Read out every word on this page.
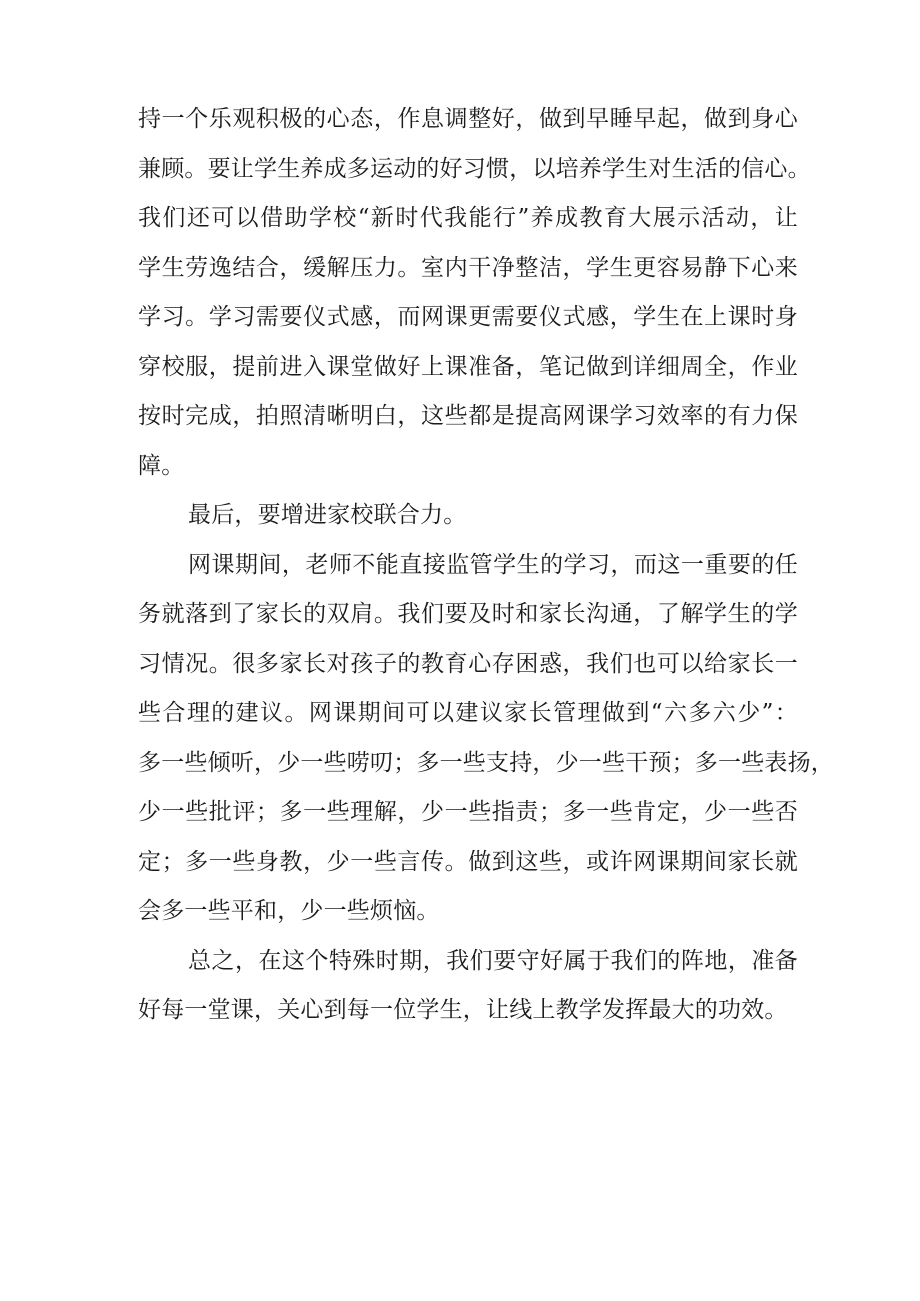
持一个乐观积极的心态，作息调整好，做到早睡早起，做到身心
兼顾。要让学生养成多运动的好习惯，以培养学生对生活的信心。
我们还可以借助学校“新时代我能行”养成教育大展示活动，让
学生劳逸结合，缓解压力。室内干净整洁，学生更容易静下心来
学习。学习需要仪式感，而网课更需要仪式感，学生在上课时身
穿校服，提前进入课堂做好上课准备，笔记做到详细周全，作业
按时完成，拍照清晰明白，这些都是提高网课学习效率的有力保
障。
最后，要增进家校联合力。
网课期间，老师不能直接监管学生的学习，而这一重要的任
务就落到了家长的双肩。我们要及时和家长沟通，了解学生的学
习情况。很多家长对孩子的教育心存困惑，我们也可以给家长一
些合理的建议。网课期间可以建议家长管理做到“六多六少”：
多一些倾听，少一些唠叨；多一些支持，少一些干预；多一些表扬，
少一些批评；多一些理解，少一些指责；多一些肯定，少一些否
定；多一些身教，少一些言传。做到这些，或许网课期间家长就
会多一些平和，少一些烦恼。
总之，在这个特殊时期，我们要守好属于我们的阵地，准备
好每一堂课，关心到每一位学生，让线上教学发挥最大的功效。
